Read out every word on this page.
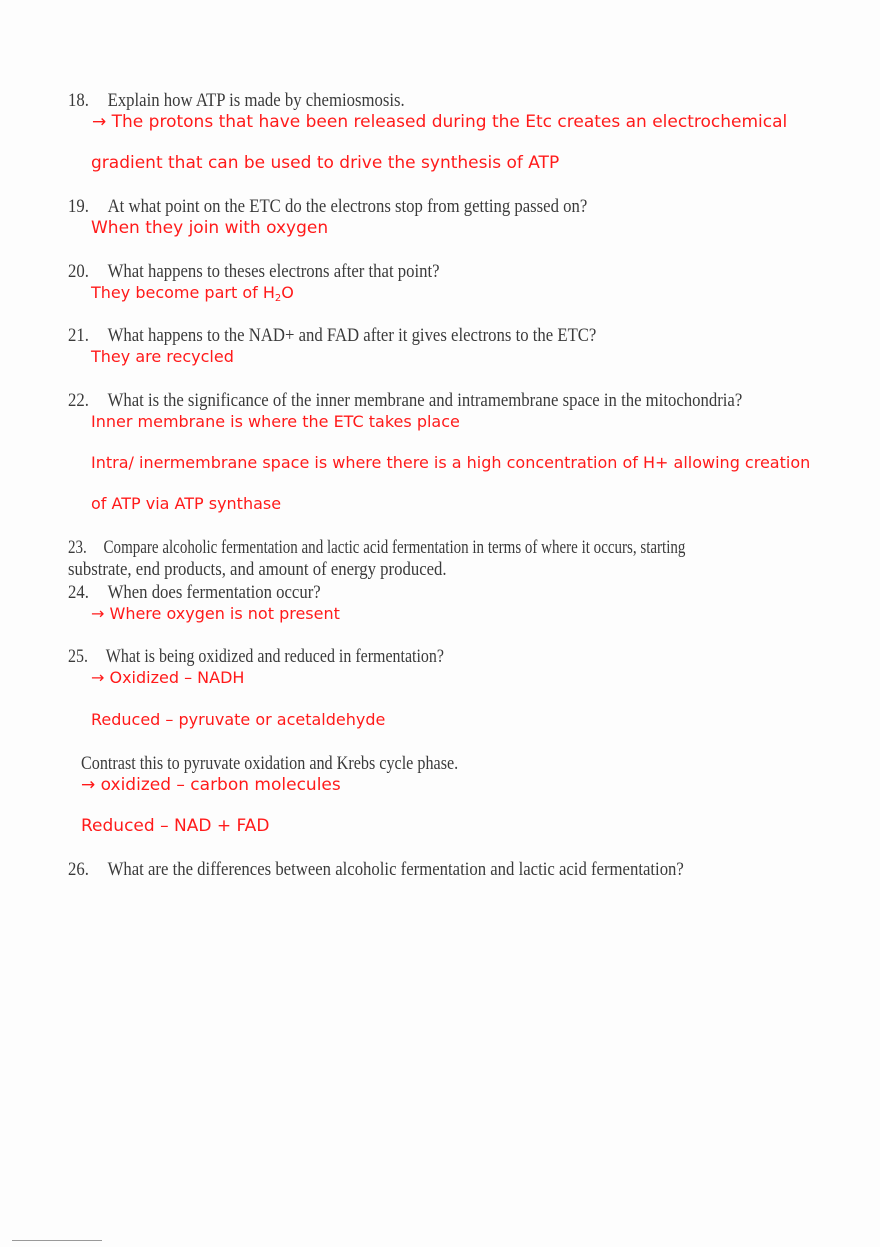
18. Explain how ATP is made by chemiosmosis.
→ The protons that have been released during the Etc creates an electrochemical
gradient that can be used to drive the synthesis of ATP
19. At what point on the ETC do the electrons stop from getting passed on?
When they join with oxygen
20. What happens to theses electrons after that point?
They become part of $H_2O$
21. What happens to the NAD+ and FAD after it gives electrons to the ETC?
They are recycled
22. What is the significance of the inner membrane and intramembrane space in the mitochondria?
Inner membrane is where the ETC takes place
Intra/ inermembrane space is where there is a high concentration of H+ allowing creation
of ATP via ATP synthase
23. Compare alcoholic fermentation and lactic acid fermentation in terms of where it occurs, starting
substrate, end products, and amount of energy produced.
24. When does fermentation occur?
→ Where oxygen is not present
25. What is being oxidized and reduced in fermentation?
→ Oxidized – NADH
Reduced – pyruvate or acetaldehyde
Contrast this to pyruvate oxidation and Krebs cycle phase.
→ oxidized – carbon molecules
Reduced – NAD + FAD
26. What are the differences between alcoholic fermentation and lactic acid fermentation?
